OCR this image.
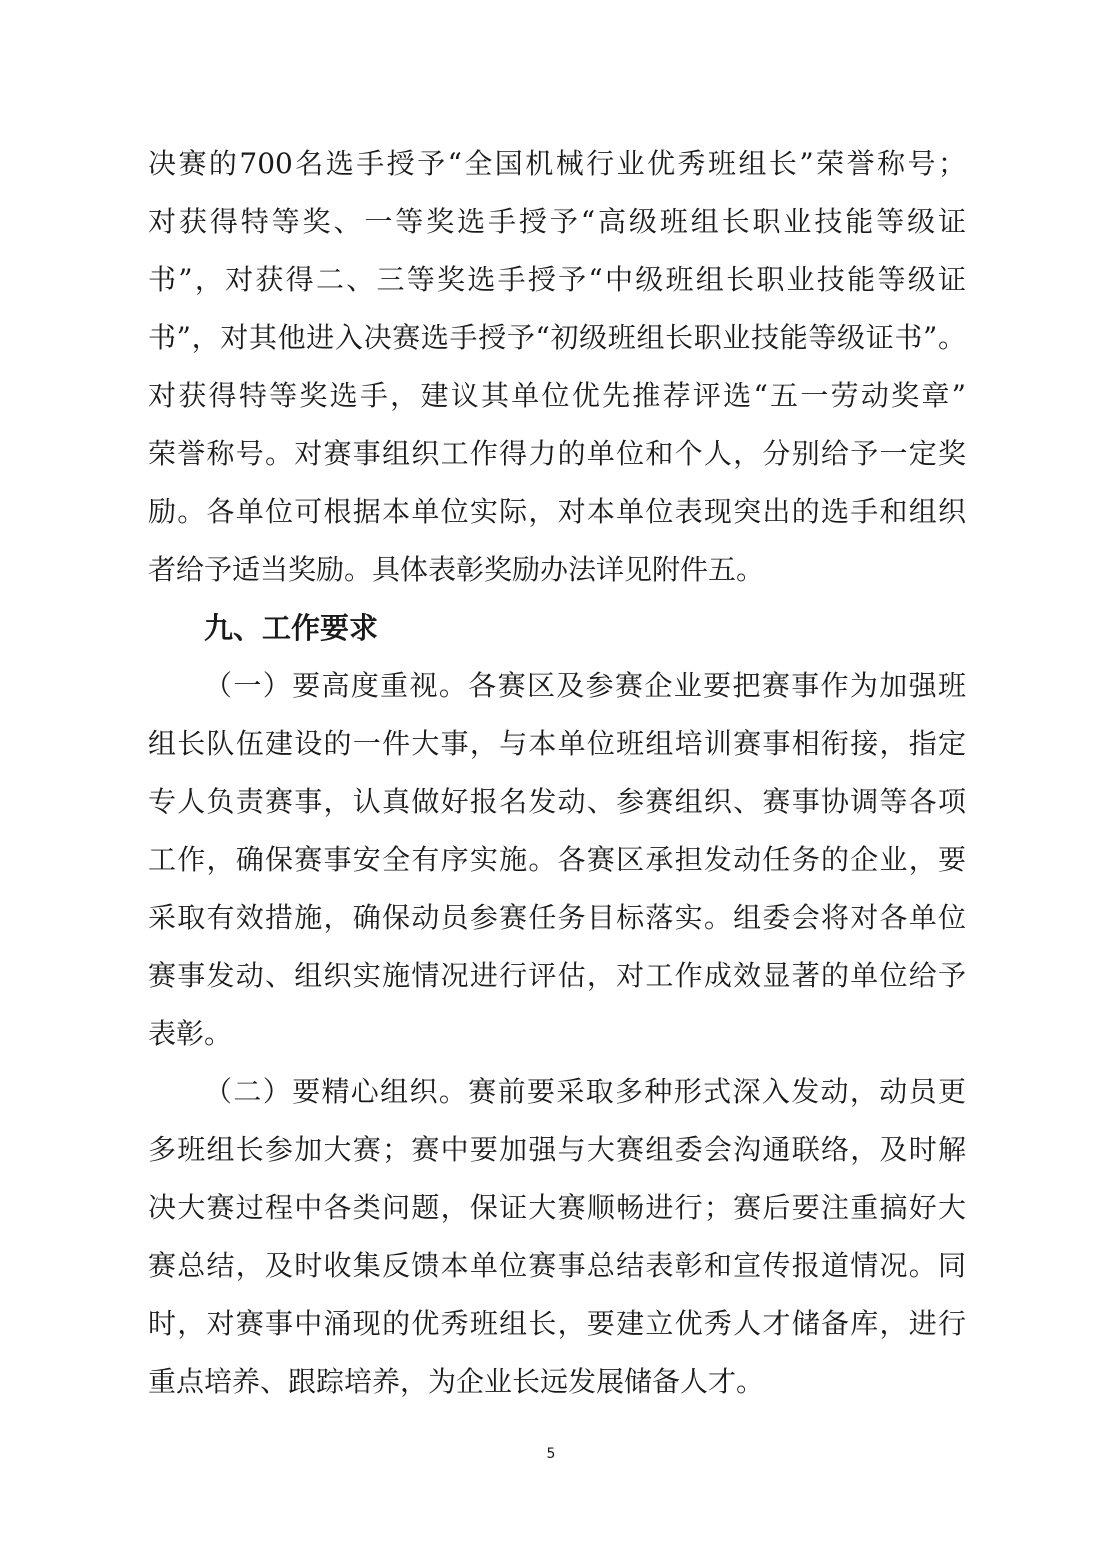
决赛的700名选手授予“全国机械行业优秀班组长”荣誉称号；
对获得特等奖、一等奖选手授予“高级班组长职业技能等级证
书”，对获得二、三等奖选手授予“中级班组长职业技能等级证
书”，对其他进入决赛选手授予“初级班组长职业技能等级证书”。
对获得特等奖选手，建议其单位优先推荐评选“五一劳动奖章”
荣誉称号。对赛事组织工作得力的单位和个人，分别给予一定奖
励。各单位可根据本单位实际，对本单位表现突出的选手和组织
者给予适当奖励。具体表彰奖励办法详见附件五。
九、工作要求
（一）要高度重视。各赛区及参赛企业要把赛事作为加强班
组长队伍建设的一件大事，与本单位班组培训赛事相衔接，指定
专人负责赛事，认真做好报名发动、参赛组织、赛事协调等各项
工作，确保赛事安全有序实施。各赛区承担发动任务的企业，要
采取有效措施，确保动员参赛任务目标落实。组委会将对各单位
赛事发动、组织实施情况进行评估，对工作成效显著的单位给予
表彰。
（二）要精心组织。赛前要采取多种形式深入发动，动员更
多班组长参加大赛；赛中要加强与大赛组委会沟通联络，及时解
决大赛过程中各类问题，保证大赛顺畅进行；赛后要注重搞好大
赛总结，及时收集反馈本单位赛事总结表彰和宣传报道情况。同
时，对赛事中涌现的优秀班组长，要建立优秀人才储备库，进行
重点培养、跟踪培养，为企业长远发展储备人才。
5
